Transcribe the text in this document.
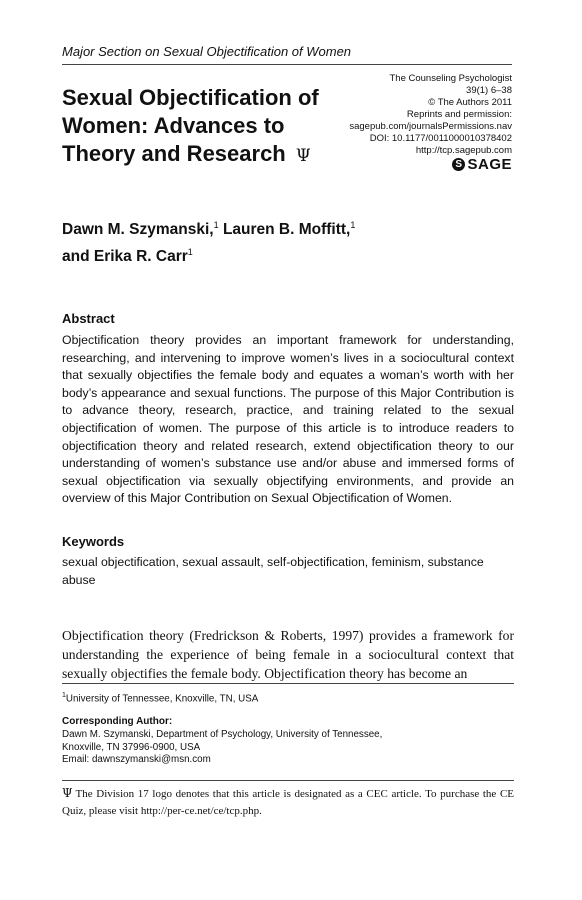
Major Section on Sexual Objectification of Women
The Counseling Psychologist
39(1) 6–38
© The Authors 2011
Reprints and permission:
sagepub.com/journalsPermissions.nav
DOI: 10.1177/0011000010378402
http://tcp.sagepub.com
S SAGE
Sexual Objectification of Women: Advances to Theory and Research Ψ
Dawn M. Szymanski,$^1$ Lauren B. Moffitt,$^1$
and Erika R. Carr$^1$
Abstract
Objectification theory provides an important framework for understanding, researching, and intervening to improve women’s lives in a sociocultural context that sexually objectifies the female body and equates a woman’s worth with her body’s appearance and sexual functions. The purpose of this Major Contribution is to advance theory, research, practice, and training related to the sexual objectification of women. The purpose of this article is to introduce readers to objectification theory and related research, extend objectification theory to our understanding of women’s substance use and/or abuse and immersed forms of sexual objectification via sexually objectifying environments, and provide an overview of this Major Contribution on Sexual Objectification of Women.
Keywords
sexual objectification, sexual assault, self-objectification, feminism, substance abuse
Objectification theory (Fredrickson & Roberts, 1997) provides a framework for understanding the experience of being female in a sociocultural context that sexually objectifies the female body. Objectification theory has become an
$^1$University of Tennessee, Knoxville, TN, USA
Corresponding Author:
Dawn M. Szymanski, Department of Psychology, University of Tennessee,
Knoxville, TN 37996-0900, USA
Email: dawnszymanski@msn.com
Ψ The Division 17 logo denotes that this article is designated as a CEC article. To purchase the CE Quiz, please visit http://per-ce.net/ce/tcp.php.
